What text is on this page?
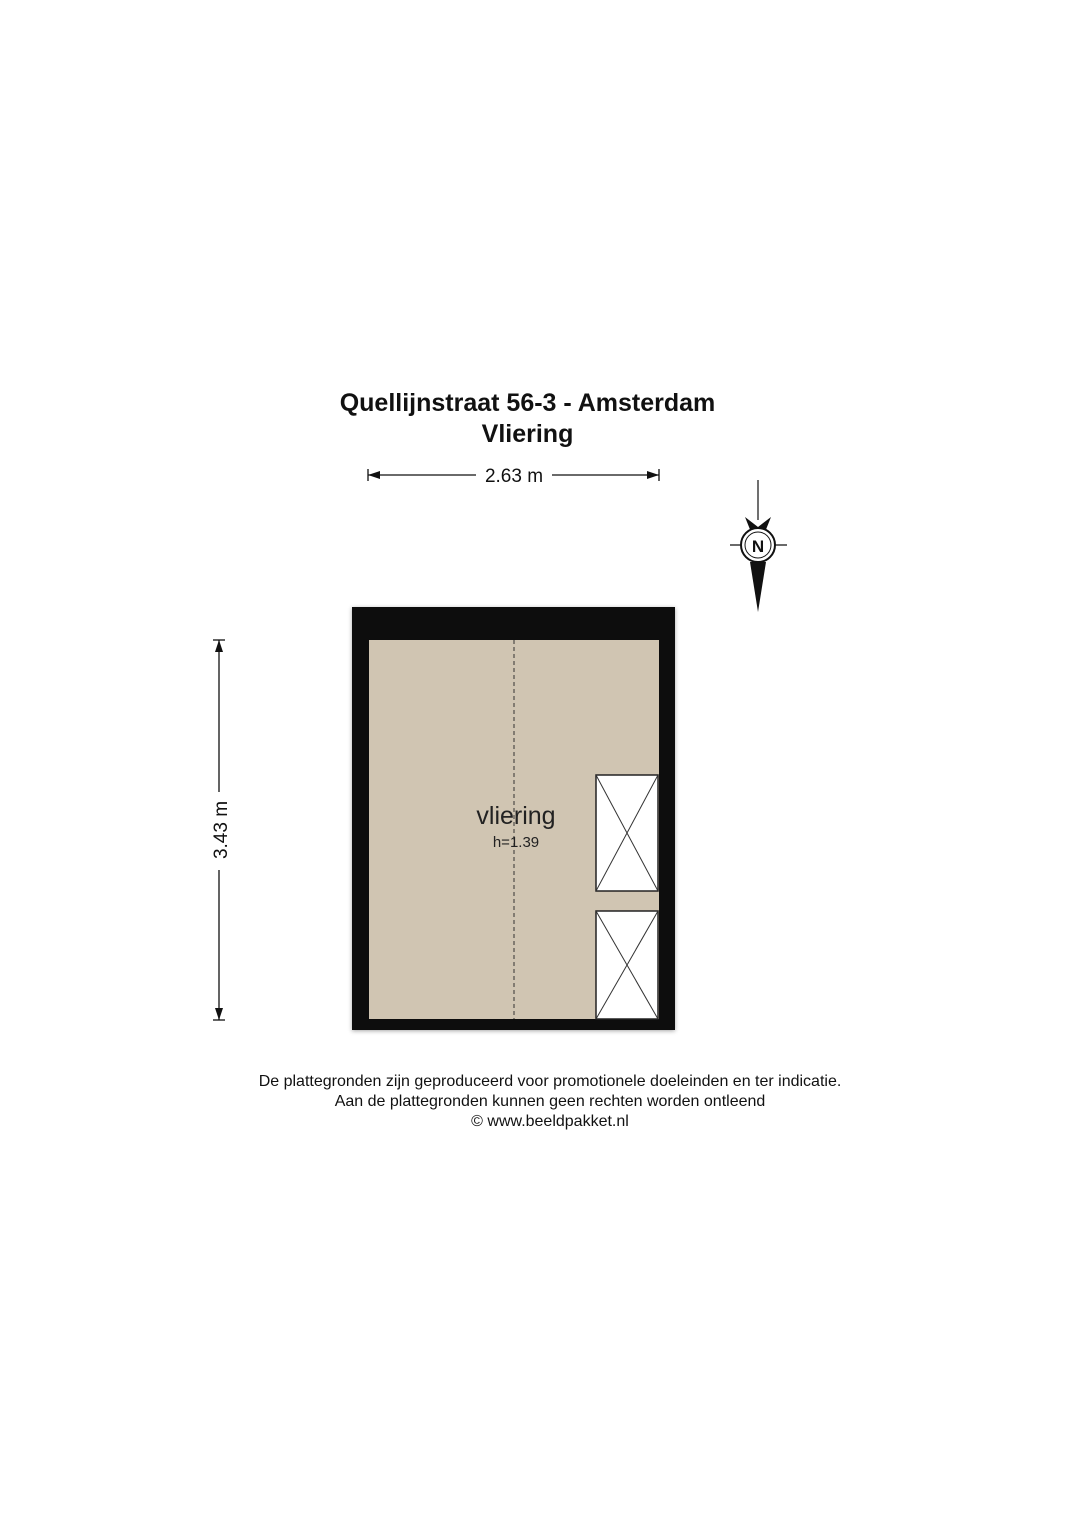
Quellijnstraat 56-3 - Amsterdam
Vliering
2.63 m
3.43 m
N
vliering
h=1.39
De plattegronden zijn geproduceerd voor promotionele doeleinden en ter indicatie.
Aan de plattegronden kunnen geen rechten worden ontleend
© www.beeldpakket.nl
